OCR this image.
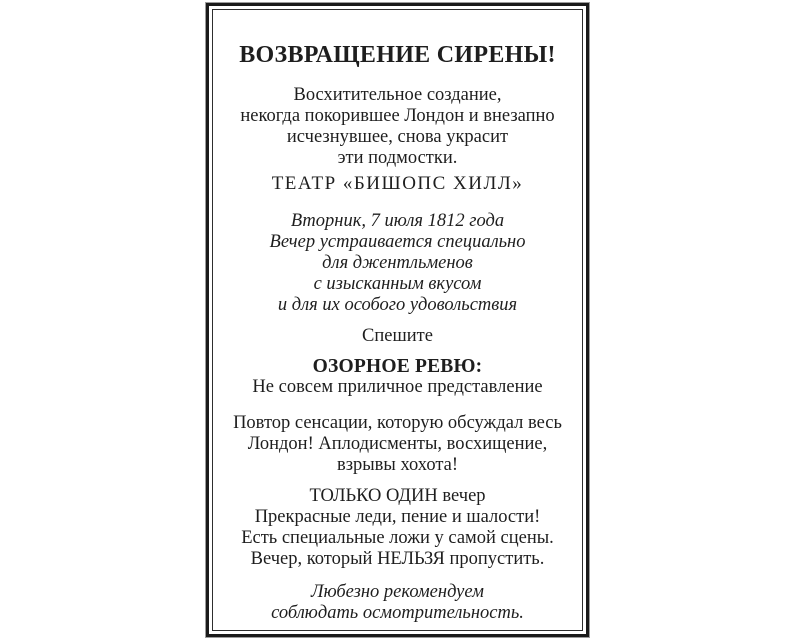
ВОЗВРАЩЕНИЕ СИРЕНЫ!
Восхитительное создание,
некогда покорившее Лондон и внезапно
исчезнувшее, снова украсит
эти подмостки.
ТЕАТР «БИШОПС ХИЛЛ»
Вторник, 7 июля 1812 года
Вечер устраивается специально
для джентльменов
с изысканным вкусом
и для их особого удовольствия
Спешите
ОЗОРНОЕ РЕВЮ:
Не совсем приличное представление
Повтор сенсации, которую обсуждал весь
Лондон! Аплодисменты, восхищение,
взрывы хохота!
ТОЛЬКО ОДИН вечер
Прекрасные леди, пение и шалости!
Есть специальные ложи у самой сцены.
Вечер, который НЕЛЬЗЯ пропустить.
Любезно рекомендуем
соблюдать осмотрительность.
